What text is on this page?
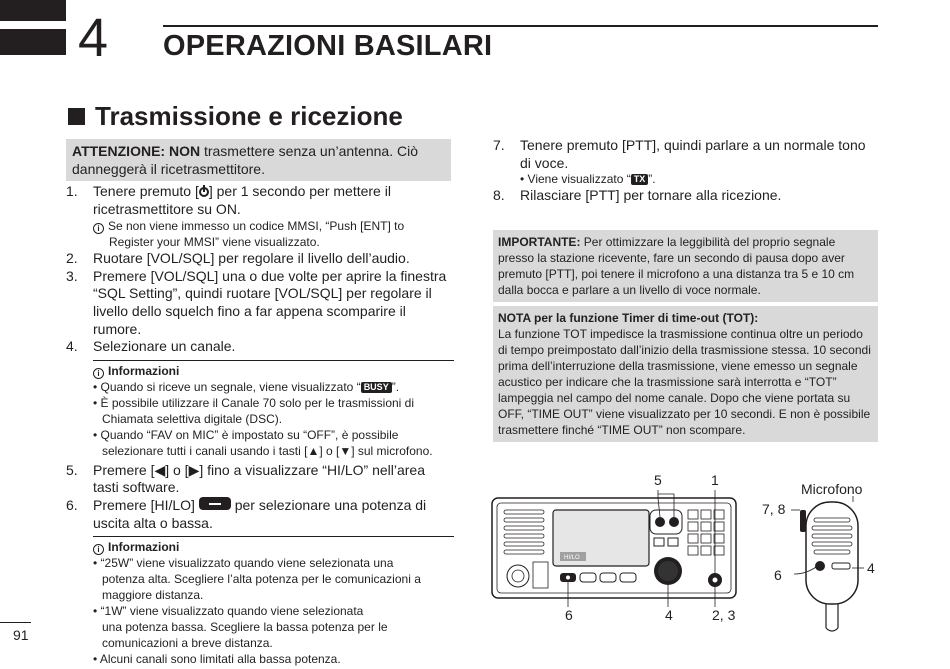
4 OPERAZIONI BASILARI
Trasmissione e ricezione
ATTENZIONE: NON trasmettere senza un’antenna. Ciò danneggerà il ricetrasmettitore.
1.	Tenere premuto [ ] per 1 secondo per mettere il ricetrasmettitore su ON.
i Se non viene immesso un codice MMSI, “Push [ENT] to
Register your MMSI” viene visualizzato.
2.	Ruotare [VOL/SQL] per regolare il livello dell’audio.
3.	Premere [VOL/SQL] una o due volte per aprire la finestra “SQL Setting”, quindi ruotare [VOL/SQL] per regolare il livello dello squelch fino a far appena scomparire il rumore.
4.	Selezionare un canale.
i Informazioni
• Quando si riceve un segnale, viene visualizzato “ BUSY ”.
• È possibile utilizzare il Canale 70 solo per le trasmissioni di
Chiamata selettiva digitale (DSC).
• Quando “FAV on MIC” è impostato su “OFF”, è possibile
selezionare tutti i canali usando i tasti [▲] o [▼] sul microfono.
5.	Premere [◀] o [▶] fino a visualizzare “HI/LO” nell’area tasti software.
6.	Premere [HI/LO]  per selezionare una potenza di uscita alta o bassa.
i Informazioni
• “25W” viene visualizzato quando viene selezionata una
potenza alta. Scegliere l’alta potenza per le comunicazioni a
maggiore distanza.
• “1W” viene visualizzato quando viene selezionata
una potenza bassa. Scegliere la bassa potenza per le
comunicazioni a breve distanza.
• Alcuni canali sono limitati alla bassa potenza.
7.	Tenere premuto [PTT], quindi parlare a un normale tono di voce.
• Viene visualizzato “ TX ”.
8.	Rilasciare [PTT] per tornare alla ricezione.
IMPORTANTE: Per ottimizzare la leggibilità del proprio segnale presso la stazione ricevente, fare un secondo di pausa dopo aver premuto [PTT], poi tenere il microfono a una distanza tra 5 e 10 cm dalla bocca e parlare a un livello di voce normale.
NOTA per la funzione Timer di time-out (TOT):
La funzione TOT impedisce la trasmissione continua oltre un periodo di tempo preimpostato dall’inizio della trasmissione stessa. 10 secondi prima dell’interruzione della trasmissione, viene emesso un segnale acustico per indicare che la trasmissione sarà interrotta e “TOT” lampeggia nel campo del nome canale. Dopo che viene portata su OFF, “TIME OUT” viene visualizzato per 10 secondi. E non è possibile trasmettere finché “TIME OUT” non scompare.
HI/LO
5	1
6	4	2, 3
Microfono
7, 8
6	4
91
